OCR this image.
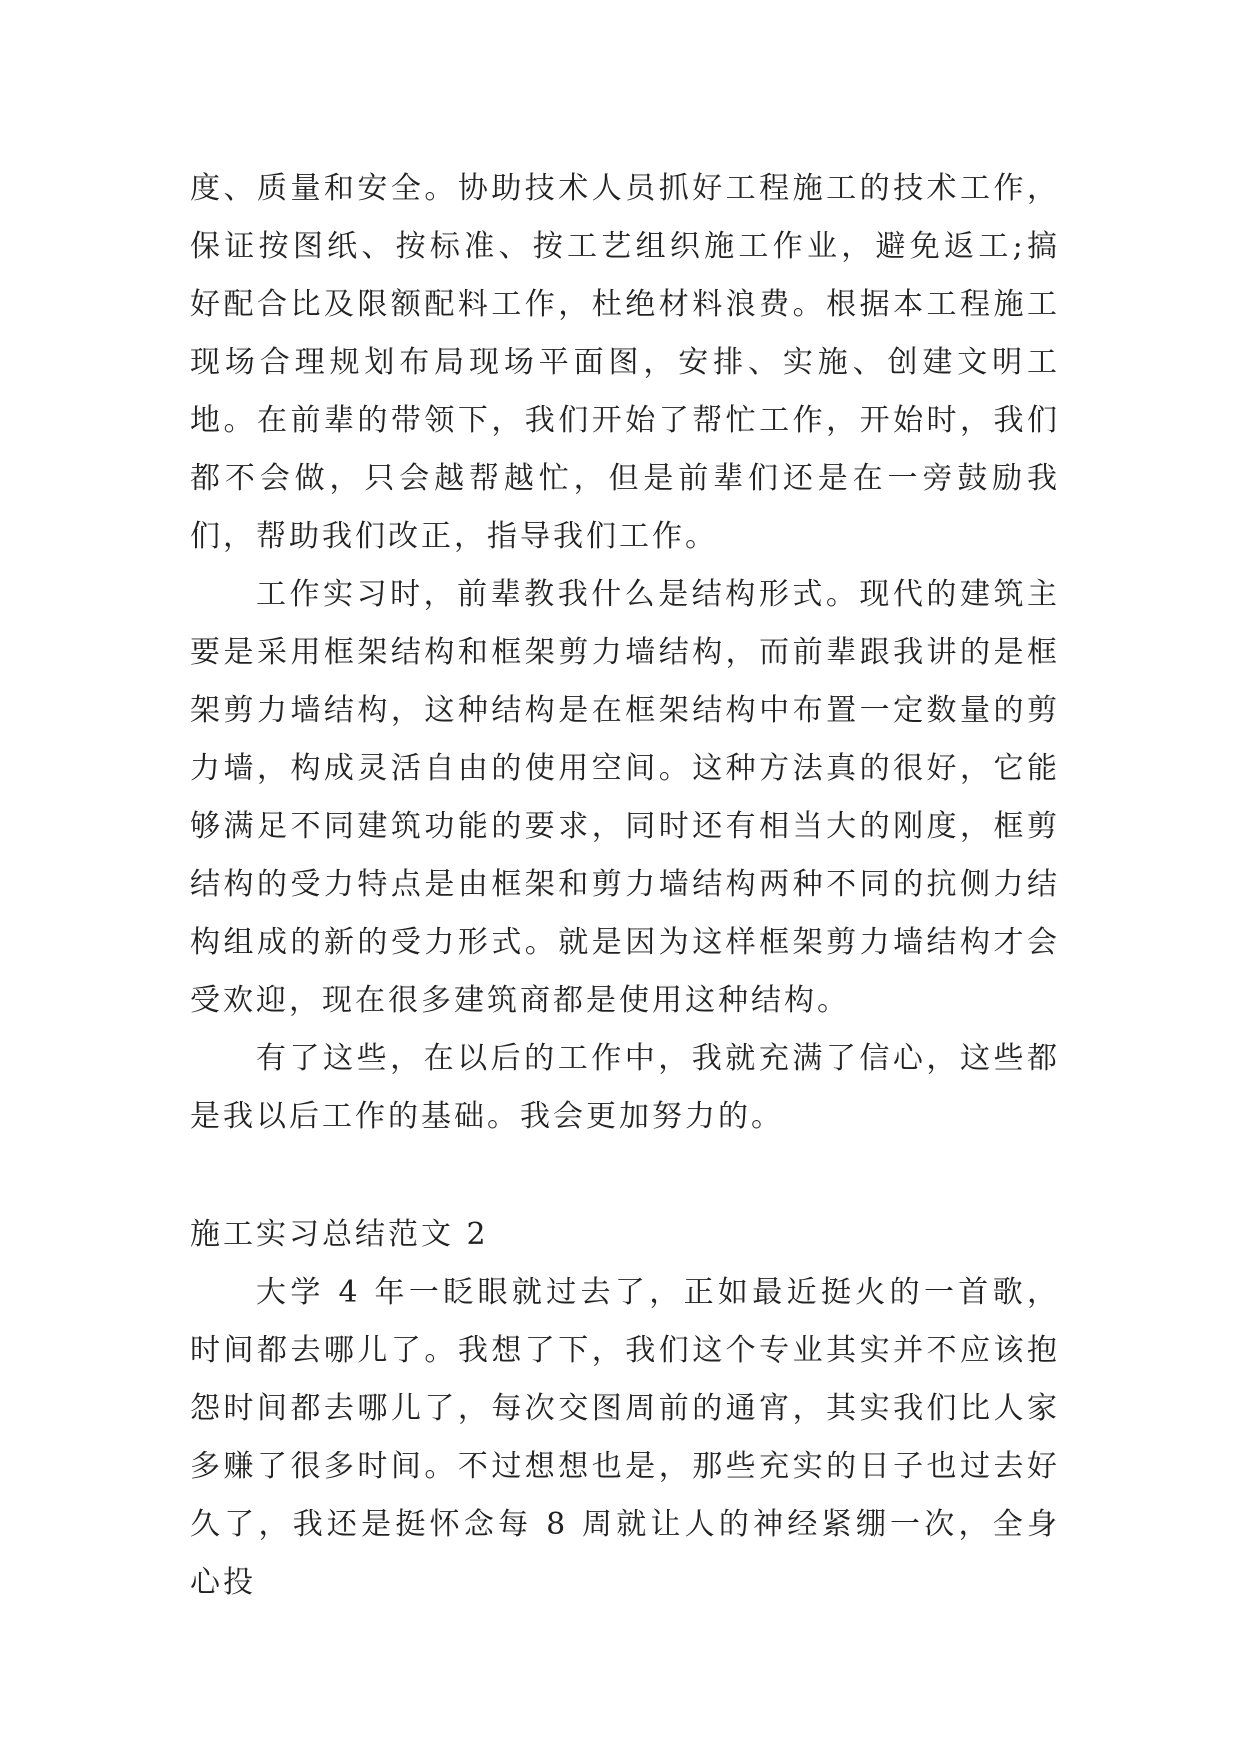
度、质量和安全。协助技术人员抓好工程施工的技术工作，保证按图纸、按标准、按工艺组织施工作业，避免返工;搞好配合比及限额配料工作，杜绝材料浪费。根据本工程施工现场合理规划布局现场平面图，安排、实施、创建文明工地。在前辈的带领下，我们开始了帮忙工作，开始时，我们都不会做，只会越帮越忙，但是前辈们还是在一旁鼓励我们，帮助我们改正，指导我们工作。

工作实习时，前辈教我什么是结构形式。现代的建筑主要是采用框架结构和框架剪力墙结构，而前辈跟我讲的是框架剪力墙结构，这种结构是在框架结构中布置一定数量的剪力墙，构成灵活自由的使用空间。这种方法真的很好，它能够满足不同建筑功能的要求，同时还有相当大的刚度，框剪结构的受力特点是由框架和剪力墙结构两种不同的抗侧力结构组成的新的受力形式。就是因为这样框架剪力墙结构才会受欢迎，现在很多建筑商都是使用这种结构。

有了这些，在以后的工作中，我就充满了信心，这些都是我以后工作的基础。我会更加努力的。

施工实习总结范文 2

大学 4 年一眨眼就过去了，正如最近挺火的一首歌，时间都去哪儿了。我想了下，我们这个专业其实并不应该抱怨时间都去哪儿了，每次交图周前的通宵，其实我们比人家多赚了很多时间。不过想想也是，那些充实的日子也过去好久了，我还是挺怀念每 8 周就让人的神经紧绷一次，全身心投
